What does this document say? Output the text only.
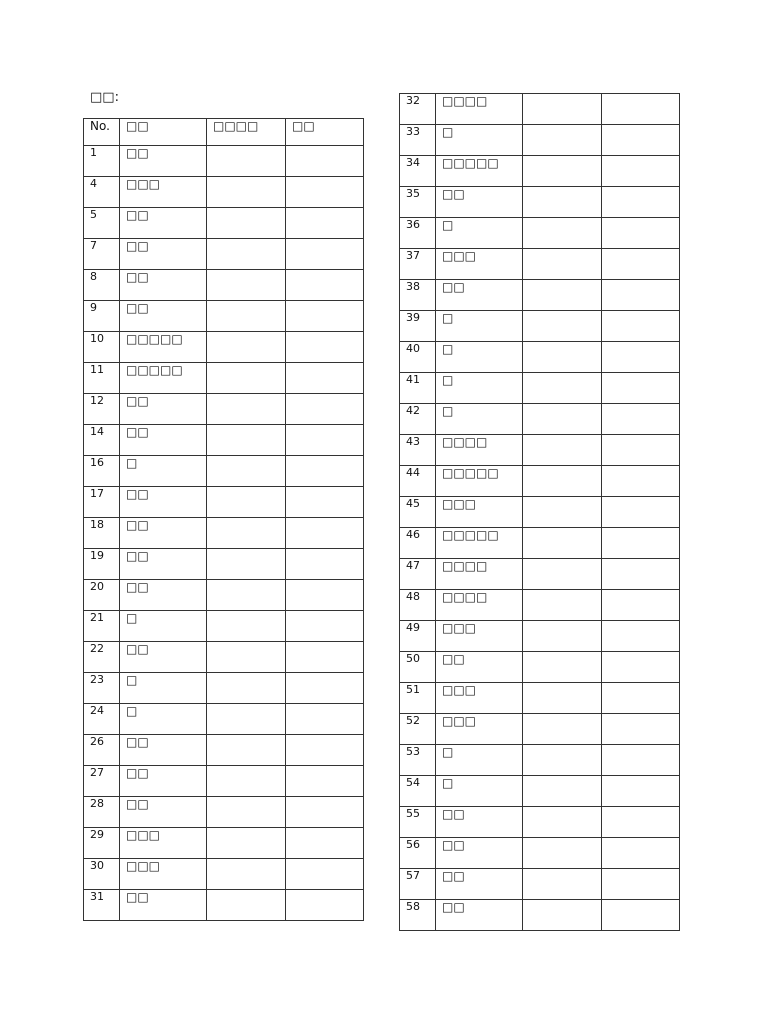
□□:
No.	□□	□□□□	□□
1	□□		
4	□□□		
5	□□		
7	□□		
8	□□		
9	□□		
10	□□□□□		
11	□□□□□		
12	□□		
14	□□		
16	□		
17	□□		
18	□□		
19	□□		
20	□□		
21	□		
22	□□		
23	□		
24	□		
26	□□		
27	□□		
28	□□		
29	□□□		
30	□□□		
31	□□		
32	□□□□		
33	□		
34	□□□□□		
35	□□		
36	□		
37	□□□		
38	□□		
39	□		
40	□		
41	□		
42	□		
43	□□□□		
44	□□□□□		
45	□□□		
46	□□□□□		
47	□□□□		
48	□□□□		
49	□□□		
50	□□		
51	□□□		
52	□□□		
53	□		
54	□		
55	□□		
56	□□		
57	□□		
58	□□		
